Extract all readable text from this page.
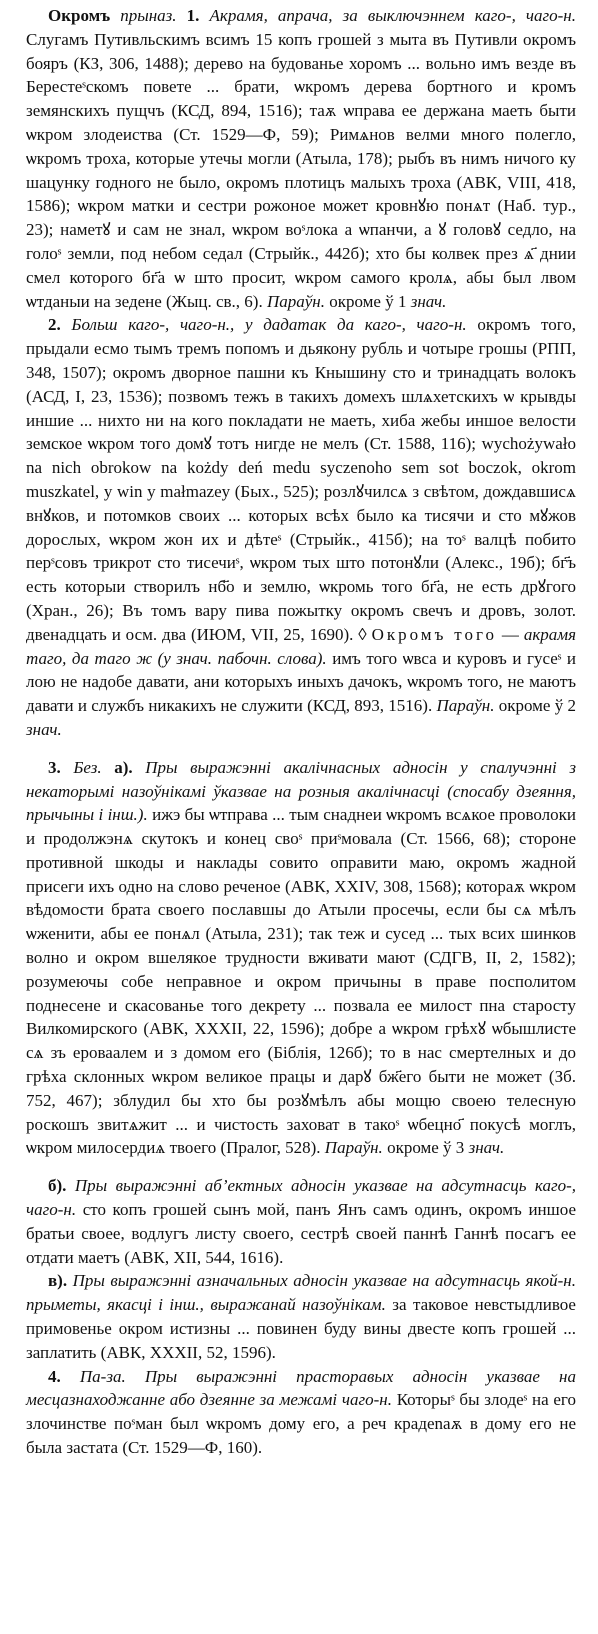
Окромъ прыназ. 1. Акрамя, апрача, за выключэннем каго-, чаго-н. Слугамъ Путивльскимъ всимъ 15 копъ грошей з мыта въ Путивли окромъ бояръ (КЗ, 306, 1488); дерево на будованье хоромъ ... вольно имъ везде въ Берестеˢскомъ повете ... брати, ѡкромъ дерева бортного и кромъ земянскихъ пущчъ (КСД, 894, 1516); таѫ ѡправа ее держана маеть быти ѡкром злодеиства (Ст. 1529—Ф, 59); Римѧнов велми много полегло, ѡкромъ троха, которые утечы могли (Атыла, 178); рыбъ въ нимъ ничого ку шацунку годного не было, окромъ плотицъ малыхъ троха (АВК, VIII, 418, 1586); ѡкром матки и сестри рожоное может кровнꙋю понѧт (Наб. тур., 23); наметꙋ и сам не знал, ѡкром воˢлока a ѡпанчи, a ꙋ головꙋ седло, на голоˢ земли, под небом седал (Стрыйк., 442б); хто бы колвек през ѧ҃ днии смел которого бг҃а ѡ што просит, ѡкром самого кролѧ, абы был лвом ѡтданыи на зедене (Жыц. св., 6). Параўн. окроме ў 1 знач.

2. Больш каго-, чаго-н., у дадатак да каго-, чаго-н. окромъ того, прыдали есмо тымъ тремъ попомъ и дьякону рубль и чотыре грошы (РПП, 348, 1507); окромъ дворное пашни къ Кнышину сто и тринадцать волокъ (АСД, I, 23, 1536); позвомъ тежъ в такихъ домехъ шлѧхетскихъ ѡ крывды иншие ... нихто ни на кого покладати не маеть, хиба жебы иншое велости земское ѡкром того домꙋ тотъ нигде не мелъ (Ст. 1588, 116); wychożywało na nich obrokow na kożdy deń medu syczenoho sem sot boczok, okrom muszkatel, y win y małmazey (Бых., 525); розлꙋчилсѧ з свѣтом, дождавшисѧ внꙋков, и потомков своих ... которых всѣх было ка тисячи и сто мꙋжов дорослых, ѡкром жон их и дѣтеˢ (Стрыйк., 415б); на тоˢ валцѣ побито перˢсовъ трикрот сто тисечиˢ, ѡкром тых што потонꙋли (Алекс., 19б); бг҃ъ есть которыи створилъ нб҃о и землю, ѡкромь того бг҃а, не есть дрꙋгого (Хран., 26); Въ томъ вару пива пожытку окромъ свечъ и дровъ, золот. двенадцать и осм. два (ИЮМ, VII, 25, 1690). ◊ Окромъ того — акрамя таго, да таго ж (у знач. пабочн. слова). имъ того ѡвса и куровъ и гусеˢ и лою не надобе давати, ани которыхъ иныхъ дачокъ, ѡкромъ того, не маютъ давати и службъ никакихъ не служити (КСД, 893, 1516). Параўн. окроме ў 2 знач.

3. Без. а). Пры выражэнні акалічнасных адносін у спалучэнні з некаторымі назоўнікамі ўказвае на розныя акалічнасці (спосабу дзеяння, прычыны і інш.). ижэ бы ѡтправа ... тым снаднеи ѡкромъ всѧкое проволоки и продолжэнѧ скутокъ и конец своˢ приˢмовала (Ст. 1566, 68); стороне противной шкоды и наклады совито оправити маю, окромъ жадной присеги ихъ одно на слово реченое (АВК, XXIV, 308, 1568); котораѫ ѡкром вѣдомости брата своего пославшы до Атыли просечы, если бы сѧ мѣлъ ѡженити, абы ее понѧл (Атыла, 231); так теж и сусед ... тых всих шинков волно и окром вшелякое трудности вживати мают (СДГВ, II, 2, 1582); розумеючы собе неправное и окром причыны в праве посполитом поднесене и скасованье того декрету ... позвала ее милост пна старосту Вилкомирского (АВК, XXXII, 22, 1596); добре а ѡкром грѣхꙋ ѡбышлисте сѧ зъ ероваалем и з домом его (Біблія, 126б); то в нас смертелных и до грѣха склонных ѡкром великое працы и дарꙋ бж҃его быти не может (Зб. 752, 467); зблудил бы хто бы розꙋмѣлъ абы мощю своею телесную роскошъ звитѧжит ... и чистость заховат в такоˢ ѡбецно҃ покусѣ моглъ, ѡкром милосердиѧ твоего (Пралог, 528). Параўн. окроме ў 3 знач.

б). Пры выражэнні аб’ектных адносін указвае на адсутнасць каго-, чаго-н. сто копъ грошей сынъ мой, панъ Янъ самъ одинъ, окромъ иншое братьи своее, водлугъ листу своего, сестрѣ своей паннѣ Ганнѣ посагъ ее отдати маетъ (АВК, XII, 544, 1616).

в). Пры выражэнні азначальных адносін указвае на адсутнасць якой-н. прыметы, якасці і інш., выражанай назоўнікам. за таковое невстыдливое примовенье окром истизны ... повинен буду вины двесте копъ грошей ... заплатить (АВК, XXXII, 52, 1596).

4. Па-за. Пры выражэнні прасторавых адносін указвае на месцазнаходжанне або дзеянне за межамі чаго-н. Которыˢ бы злодеˢ на его злочинстве поˢман был ѡкромъ дому его, а реч крадеnaѫ в дому его не была застата (Ст. 1529—Ф, 160).
